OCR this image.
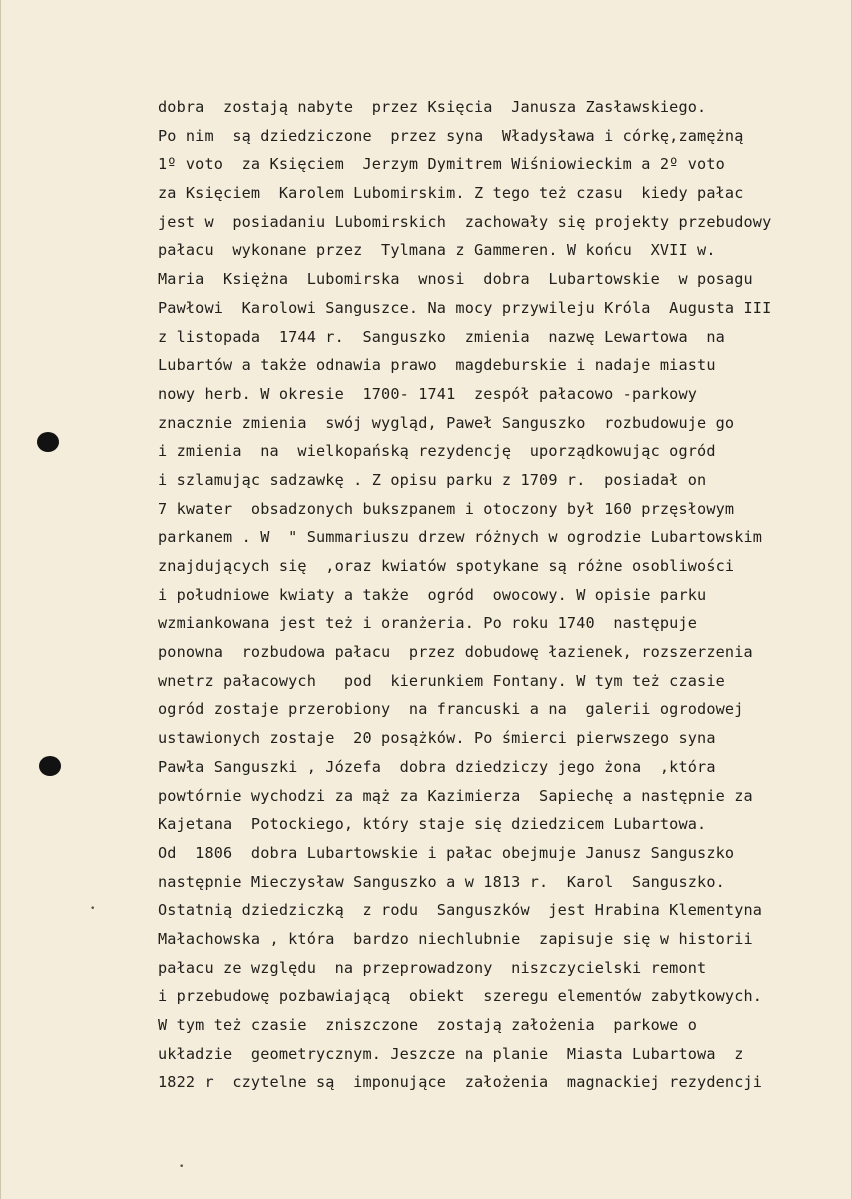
•
•
dobra  zostają nabyte  przez Księcia  Janusza Zasławskiego.
Po nim  są dziedziczone  przez syna  Władysława i córkę,zamężną
1º voto  za Księciem  Jerzym Dymitrem Wiśniowieckim a 2º voto
za Księciem  Karolem Lubomirskim. Z tego też czasu  kiedy pałac
jest w  posiadaniu Lubomirskich  zachowały się projekty przebudowy
pałacu  wykonane przez  Tylmana z Gammeren. W końcu  XVII w.
Maria  Księżna  Lubomirska  wnosi  dobra  Lubartowskie  w posagu
Pawłowi  Karolowi Sanguszce. Na mocy przywileju Króla  Augusta III
z listopada  1744 r.  Sanguszko  zmienia  nazwę Lewartowa  na
Lubartów a także odnawia prawo  magdeburskie i nadaje miastu
nowy herb. W okresie  1700- 1741  zespół pałacowo -parkowy
znacznie zmienia  swój wygląd, Paweł Sanguszko  rozbudowuje go
i zmienia  na  wielkopańską rezydencję  uporządkowując ogród
i szlamując sadzawkę . Z opisu parku z 1709 r.  posiadał on
7 kwater  obsadzonych bukszpanem i otoczony był 160 przęsłowym
parkanem . W  " Summariuszu drzew różnych w ogrodzie Lubartowskim
znajdujących się  ,oraz kwiatów spotykane są różne osobliwości
i południowe kwiaty a także  ogród  owocowy. W opisie parku
wzmiankowana jest też i oranżeria. Po roku 1740  następuje
ponowna  rozbudowa pałacu  przez dobudowę łazienek, rozszerzenia
wnetrz pałacowych   pod  kierunkiem Fontany. W tym też czasie
ogród zostaje przerobiony  na francuski a na  galerii ogrodowej
ustawionych zostaje  20 posążków. Po śmierci pierwszego syna
Pawła Sanguszki , Józefa  dobra dziedziczy jego żona  ,która
powtórnie wychodzi za mąż za Kazimierza  Sapiechę a następnie za
Kajetana  Potockiego, który staje się dziedzicem Lubartowa.
Od  1806  dobra Lubartowskie i pałac obejmuje Janusz Sanguszko
następnie Mieczysław Sanguszko a w 1813 r.  Karol  Sanguszko.
Ostatnią dziedziczką  z rodu  Sanguszków  jest Hrabina Klementyna
Małachowska , która  bardzo niechlubnie  zapisuje się w historii
pałacu ze względu  na przeprowadzony  niszczycielski remont
i przebudowę pozbawiającą  obiekt  szeregu elementów zabytkowych.
W tym też czasie  zniszczone  zostają założenia  parkowe o
układzie  geometrycznym. Jeszcze na planie  Miasta Lubartowa  z
1822 r  czytelne są  imponujące  założenia  magnackiej rezydencji
